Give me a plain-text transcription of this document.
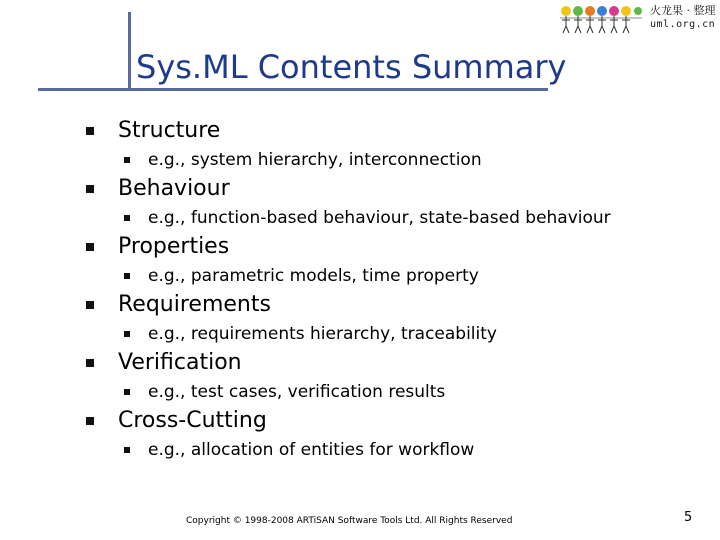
Sys.ML Contents Summary
火龙果 · 整理
uml.org.cn
Structure
e.g., system hierarchy, interconnection
Behaviour
e.g., function-based behaviour, state-based behaviour
Properties
e.g., parametric models, time property
Requirements
e.g., requirements hierarchy, traceability
Verification
e.g., test cases, verification results
Cross-Cutting
e.g., allocation of entities for workflow
Copyright © 1998-2008 ARTiSAN Software Tools Ltd. All Rights Reserved	5
